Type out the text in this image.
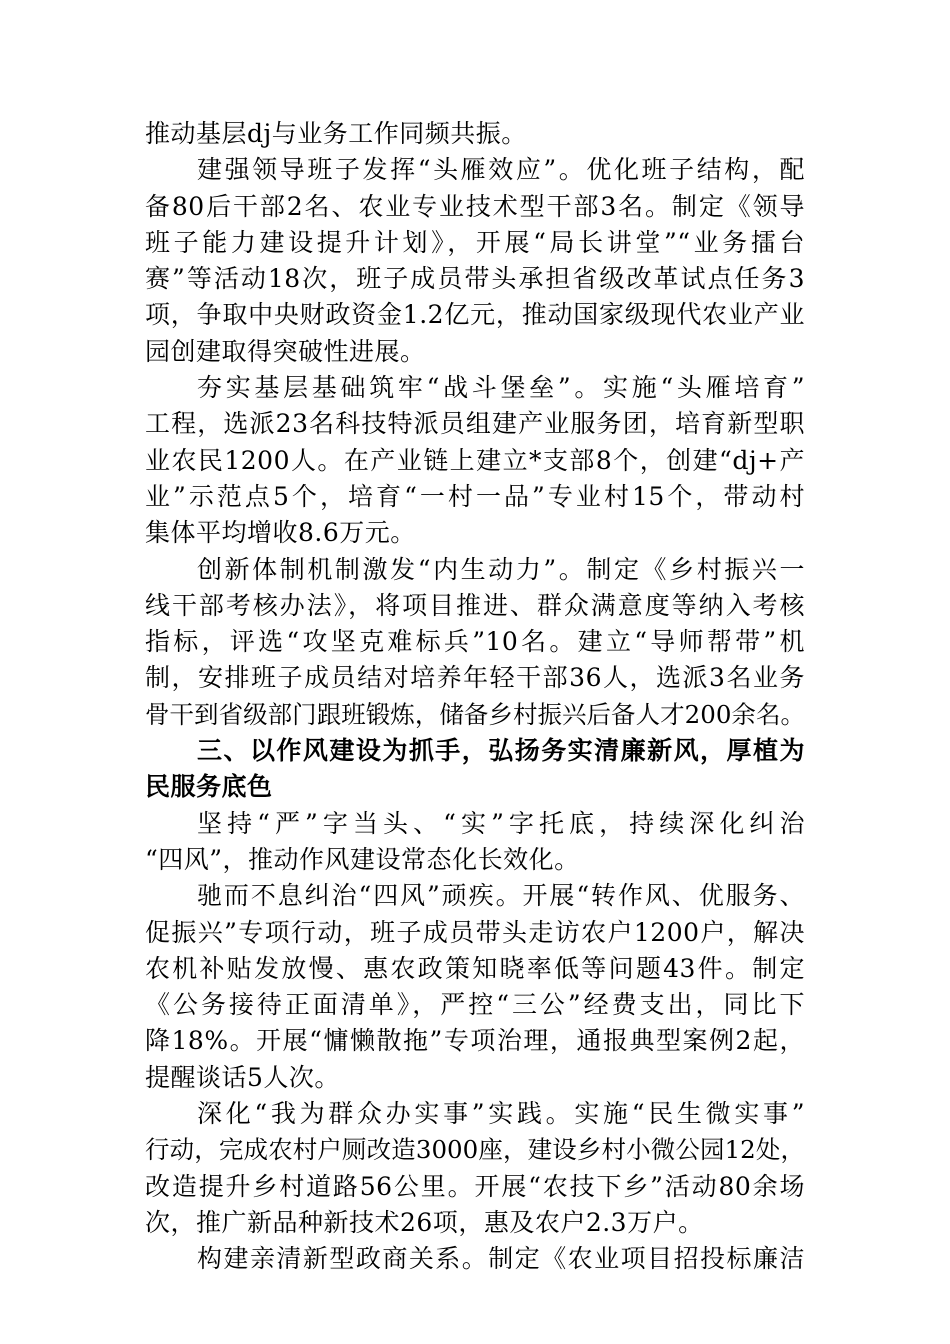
推动基层dj与业务工作同频共振。
建强领导班子发挥“头雁效应”。优化班子结构，配
备80后干部2名、农业专业技术型干部3名。制定《领导
班子能力建设提升计划》，开展“局长讲堂”“业务擂台
赛”等活动18次，班子成员带头承担省级改革试点任务3
项，争取中央财政资金1.2亿元，推动国家级现代农业产业
园创建取得突破性进展。
夯实基层基础筑牢“战斗堡垒”。实施“头雁培育”
工程，选派23名科技特派员组建产业服务团，培育新型职
业农民1200人。在产业链上建立*支部8个，创建“dj+产
业”示范点5个，培育“一村一品”专业村15个，带动村
集体平均增收8.6万元。
创新体制机制激发“内生动力”。制定《乡村振兴一
线干部考核办法》，将项目推进、群众满意度等纳入考核
指标，评选“攻坚克难标兵”10名。建立“导师帮带”机
制，安排班子成员结对培养年轻干部36人，选派3名业务
骨干到省级部门跟班锻炼，储备乡村振兴后备人才200余名。
三、以作风建设为抓手，弘扬务实清廉新风，厚植为
民服务底色
坚持“严”字当头、“实”字托底，持续深化纠治
“四风”，推动作风建设常态化长效化。
驰而不息纠治“四风”顽疾。开展“转作风、优服务、
促振兴”专项行动，班子成员带头走访农户1200户，解决
农机补贴发放慢、惠农政策知晓率低等问题43件。制定
《公务接待正面清单》，严控“三公”经费支出，同比下
降18%。开展“慵懒散拖”专项治理，通报典型案例2起，
提醒谈话5人次。
深化“我为群众办实事”实践。实施“民生微实事”
行动，完成农村户厕改造3000座，建设乡村小微公园12处，
改造提升乡村道路56公里。开展“农技下乡”活动80余场
次，推广新品种新技术26项，惠及农户2.3万户。
构建亲清新型政商关系。制定《农业项目招投标廉洁
